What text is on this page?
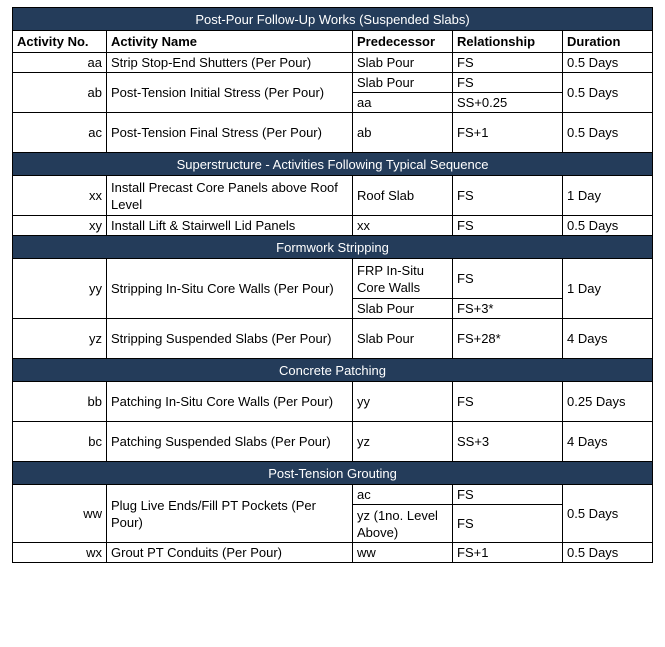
Post-Pour Follow-Up Works (Suspended Slabs)				
Activity No.	Activity Name	Predecessor	Relationship	Duration
aa	Strip Stop-End Shutters (Per Pour)	Slab Pour	FS	0.5 Days
ab	Post-Tension Initial Stress (Per Pour)	Slab Pour	FS	0.5 Days
		aa	SS+0.25	
ac	Post-Tension Final Stress (Per Pour)	ab	FS+1	0.5 Days
Superstructure - Activities Following Typical Sequence				
xx	Install Precast Core Panels above Roof Level	Roof Slab	FS	1 Day
xy	Install Lift & Stairwell Lid Panels	xx	FS	0.5 Days
Formwork Stripping				
yy	Stripping In-Situ Core Walls (Per Pour)	FRP In-Situ Core Walls	FS	1 Day
		Slab Pour	FS+3*	
yz	Stripping Suspended Slabs (Per Pour)	Slab Pour	FS+28*	4 Days
Concrete Patching				
bb	Patching In-Situ Core Walls (Per Pour)	yy	FS	0.25 Days
bc	Patching Suspended Slabs (Per Pour)	yz	SS+3	4 Days
Post-Tension Grouting				
ww	Plug Live Ends/Fill PT Pockets (Per Pour)	ac	FS	0.5 Days
		yz (1no. Level Above)	FS	
wx	Grout PT Conduits (Per Pour)	ww	FS+1	0.5 Days
